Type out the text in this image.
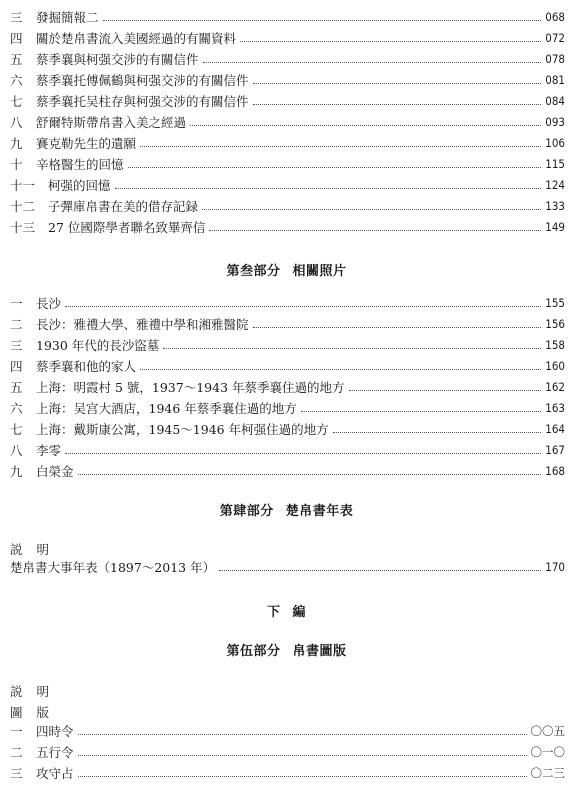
三	發掘簡報二	068
四	關於楚帛書流入美國經過的有關資料	072
五	蔡季襄與柯强交涉的有關信件	078
六	蔡季襄托傅佩鶴與柯强交涉的有關信件	081
七	蔡季襄托吴柱存與柯强交涉的有關信件	084
八	舒爾特斯帶帛書入美之經過	093
九	賽克勒先生的遺願	106
十	辛格醫生的回憶	115
十一	柯强的回憶	124
十二	子彈庫帛書在美的借存記録	133
十三	27 位國際學者聯名致畢齊信	149
第叁部分 相關照片
一	長沙	155
二	長沙：雅禮大學、雅禮中學和湘雅醫院	156
三	1930 年代的長沙盜墓	158
四	蔡季襄和他的家人	160
五	上海：明霞村 5 號，1937～1943 年蔡季襄住過的地方	162
六	上海：吴宫大酒店，1946 年蔡季襄住過的地方	163
七	上海：戴斯康公寓，1945～1946 年柯强住過的地方	164
八	李零	167
九	白榮金	168
第肆部分 楚帛書年表
説 明
楚帛書大事年表（1897～2013 年）	170
下 編
第伍部分 帛書圖版
説 明
圖 版
一	四時令	〇〇五
二	五行令	〇一〇
三	攻守占	〇二三
